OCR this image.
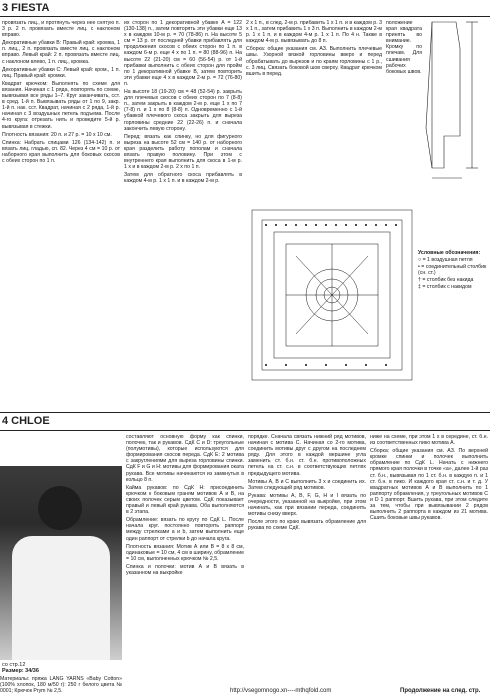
3 FIESTA
4 CHLOE

провязать лиц., и протянуть через нее снятую п. 3 р. 2 п. провязать вместе лиц. с наклоном вправо.

Декоративные убавки В: Правый край: кромка, 1 п. лиц., 2 п. провязать вместе лиц. с наклоном вправо. Левый край: 2 п. провязать вместе лиц. с наклоном влево, 1 п. лиц., кромка.

Декоративные убавки С: Левый край: кром., 1 п. лиц. Правый край: кромки.

Квадрат крючком: Выполнять по схеме для вязания. Начиная с 1 ряда, повторять по схеме, вывязывая все ряды 1–7. Круг заканчивать, сст. в сред. 1-й п. Вывязывать ряды от 1 по 9, закр. 1-й п. нак. сст. Квадрат, начиная с 2 ряда, 1-й р. начиная с 3 воздушных петель подъема. После 4-го круга: отрезать нить и проведите 5-й р. вывязывая в стежки.

Плотность вязания: 20 п. и 27 р. = 10 x 10 см.

Спинка: Набрать спицами 126 (134-142) п. и вязать лиц. гладью, сп. 82. Через 4 см = 10 р. от наборного края выполнить для боковых скосов с обеих сторон по 1 п.

их сторон по 1 декоративной убавке А = 122 (130-138) п., затем повторять эти убавки еще 13 x в каждом 10-м р. = 70 (78-86) п. На высоте 5 см = 13 р. от последней убавки прибавлять для продолжения скосов с обеих сторон по 1 п. в каждом 6-м р. еще 4 x по 1 п. = 80 (88-96) п. На высоте 22 (21-20) см = 60 (56-54) р. от 1-й прибавки выполнить с обеих сторон для пройм по 1 декоративной убавке В, затем повторить эти убавки еще 4 x в каждом 2-м р. = 72 (76-80) п.

На высоте 18 (19-20) см = 48 (52-54) р. закрыть для плечевых скосов с обеих сторон по 7 (8-8) п., затем закрыть в каждом 2-м р. еще 1 x по 7 (7-8) п. и 1 x по 8 (8-8) п. Одновременно с 1-й убавкой плечевого скоса закрыть для выреза горловины средние 22 (22-26) п. и сначала закончить левую сторону.

Перед: вязать как спинку, но для фигурного выреза на высоте 52 см = 140 р. от наборного края разделить работу пополам и сначала вязать правую половину. При этом с внутреннего края выполнить для скоса в 1-м р. 1 x и в каждом 2-м р. 2 x по 1 п.

Затем для обратного скоса прибавлять в каждом 4-м р. 1 x 1 п. и в каждом 2-м р.

2 x 1 п., в след. 2-м р. прибавить 1 x 1 п. и в каждом р. 3 x 1 п., затем прибавить 1 x 3 п. Выполнить в каждом 2-м р. 1 x 1 п. и в каждом 4-м р. 1 x 1 п. По 4 н. Также в каждом 4-м р. вывязывать до 8 п.

Сборка: общие указания см. АЗ. Выполнить плечевые швы. Узорной вязкой горловины вверх и перед обрабатывать до вырезов и по краям горловины с 1 р., с. 3 лиц. Связать боковой шов сверху. Квадрат крючком вшить в перед.

положение края квадрата принять во внимание. Кромку по плечам. Для сшивания рабочих боковых швов.

Условные обозначения:
○ = 1 воздушная петля
• = соединительный столбик (сн. ст.)
† = столбик без накида
‡ = столбик с накидом
со стр.12
Размер: 34/36

Материалы: пряжа LANG YARNS «Baby Cotton» (100% хлопок, 180 м/50 г): 250 г белого цвета № 0001; Крючок Prym № 2,5.

составляют основную форму как спинки, полочек, так и рукавов. СдК С и D: треугольные (полумотивы), которые используются для формирования скосов переда. СдК Е: 2 мотива с закруглениями для выреза горловины спинки. СдК F и G и Н: мотивы для формирования оката рукава. Все мотивы начинаются из замкнутых в кольцо 8 п.

Кайма рукавов: по СдК Н: присоединить крючком к боковым граням мотивов А и В, на своих полочек серым цветом. СдК показывает правый и левый край рукава. Оба выполняются в 2 этапа.

Обрамление: вязать по кругу по СдК L. После начала круг. постоянно повторять раппорт между стрелками а и b, затем выполнить еще один раппорт от стрелки b до начала круга.

Плотность вязания: Мотив А или В = 8 x 8 см, одинаковые = 10 см, 4 см в ширину, обрамление = 10 см, выполненных крючком № 2,5.

Спинка и полочки: мотив А и В вязать в указанном на выкройке

порядке. Сначала связать нижний ряд мотивов, начиная с мотива С. Начиная со 2-го мотива, соединить мотивы друг с другом на последнем ряду. Для этого в каждой вершине угла заменить ст. б.н. ст. б.н. противоположных петель на ст. с.н. в соответствующих петлях предыдущего мотива.

Мотивы А, В и С выполнить 3 x и соединить их. Затем следующий ряд мотивов.

Рукава: мотивы А, В, F, G, H и I вязать по очередности, указанной на выкройке, при этом начинать, как при вязании переда, соединять мотивы снизу вверх.

После этого по краю вывязать обрамление для рукава по схеме СдК.

ниже на схеме, при этом 1 x в середине, ст. б.н. из соответственных пико мотива А.

Сборка: общие указания см. АЗ. По верхней кромке спинки и полочек выполнить обрамление по СдК L. Начать с нижнего прямого края полочки в точке «а», далее 1-й раз ст. б.н., вывязывая по 1 ст. б.н. в каждую п. и 1 ст. б.н. в пико. И каждого края ст. с.н. и т. д. У квадратных мотивов А и В выполнить по 1 раппорту обрамления, у треугольных мотивов С и D 1 раппорт. Вшить рукава, при этом следите за тем, чтобы при вывязывании 2 рядов выполнить 2 раппорта в каждом из 21 мотива. Сшить боковые швы рукавов.

Продолжение на след. стр.
http://vsegomnogo.xn----mthqfold.com
